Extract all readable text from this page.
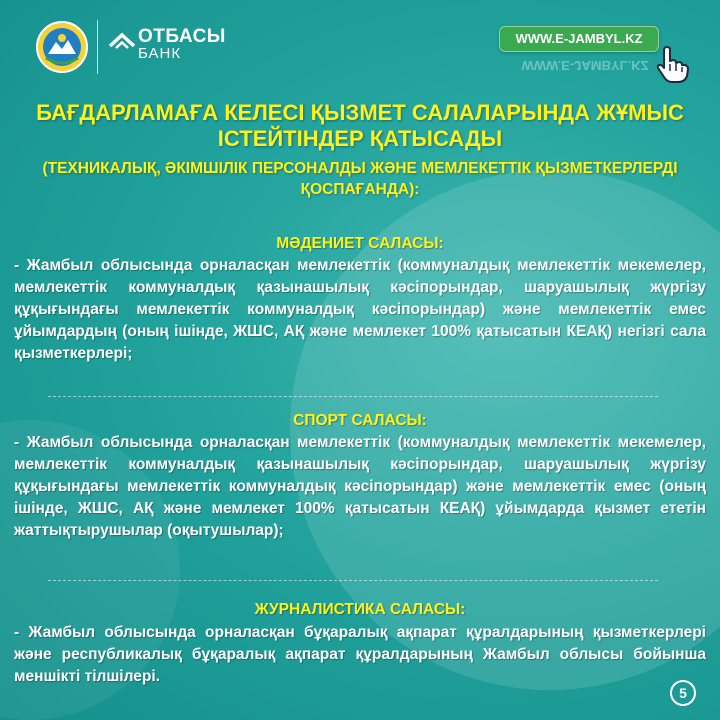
ОТБАСЫ
БАНК
WWW.E-JAMBYL.KZ
WWW.E-JAMBYL.KZ
БАҒДАРЛАМАҒА КЕЛЕСІ ҚЫЗМЕТ САЛАЛАРЫНДА ЖҰМЫС ІСТЕЙТІНДЕР ҚАТЫСАДЫ
(ТЕХНИКАЛЫҚ, ӘКІМШІЛІК ПЕРСОНАЛДЫ ЖӘНЕ МЕМЛЕКЕТТІК ҚЫЗМЕТКЕРЛЕРДІ ҚОСПАҒАНДА):
МӘДЕНИЕТ САЛАСЫ:
- Жамбыл облысында орналасқан мемлекеттік (коммуналдық мемлекеттік мекемелер, мемлекеттік коммуналдық қазынашылық кәсіпорындар, шаруашылық жүргізу құқығындағы мемлекеттік коммуналдық кәсіпорындар) және мемлекеттік емес ұйымдардың (оның ішінде, ЖШС, АҚ және мемлекет 100% қатысатын КЕАҚ) негізгі сала қызметкерлері;
СПОРТ САЛАСЫ:
- Жамбыл облысында орналасқан мемлекеттік (коммуналдық мемлекеттік мекемелер, мемлекеттік коммуналдық қазынашылық кәсіпорындар, шаруашылық жүргізу құқығындағы мемлекеттік коммуналдық кәсіпорындар) және мемлекеттік емес (оның ішінде, ЖШС, АҚ және мемлекет 100% қатысатын КЕАҚ) ұйымдарда қызмет ететін жаттықтырушылар (оқытушылар);
ЖУРНАЛИСТИКА САЛАСЫ:
- Жамбыл облысында орналасқан бұқаралық ақпарат құралдарының қызметкерлері және республикалық бұқаралық ақпарат құралдарының Жамбыл облысы бойынша меншікті тілшілері.
5
